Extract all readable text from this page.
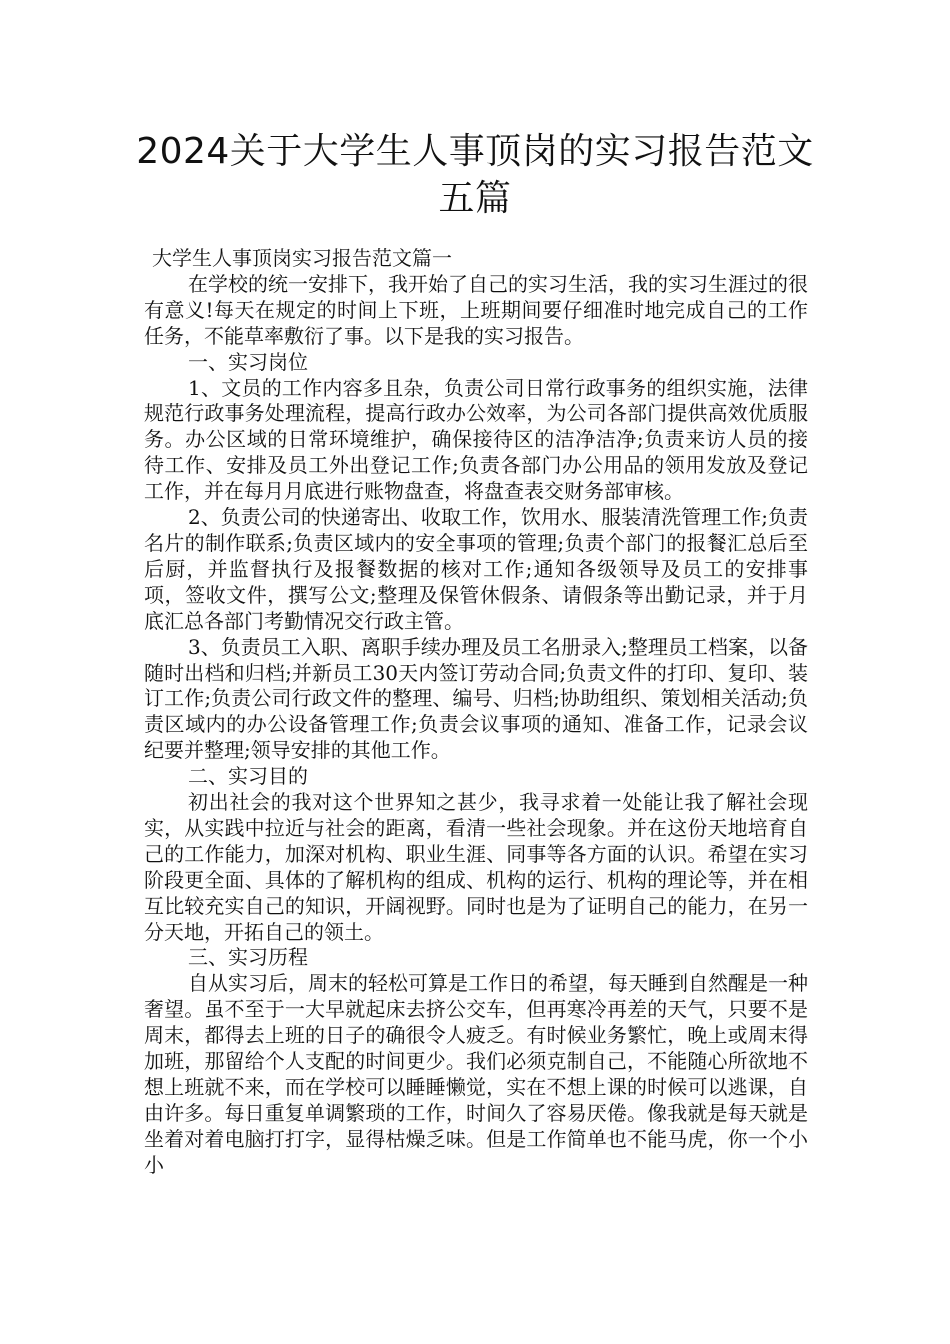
2024关于大学生人事顶岗的实习报告范文五篇
大学生人事顶岗实习报告范文篇一

在学校的统一安排下，我开始了自己的实习生活，我的实习生涯过的很有意义!每天在规定的时间上下班，上班期间要仔细准时地完成自己的工作任务，不能草率敷衍了事。以下是我的实习报告。

一、实习岗位

1、文员的工作内容多且杂，负责公司日常行政事务的组织实施，法律规范行政事务处理流程，提高行政办公效率，为公司各部门提供高效优质服务。办公区域的日常环境维护，确保接待区的洁净洁净;负责来访人员的接待工作、安排及员工外出登记工作;负责各部门办公用品的领用发放及登记工作，并在每月月底进行账物盘查，将盘查表交财务部审核。

2、负责公司的快递寄出、收取工作，饮用水、服装清洗管理工作;负责名片的制作联系;负责区域内的安全事项的管理;负责个部门的报餐汇总后至后厨，并监督执行及报餐数据的核对工作;通知各级领导及员工的安排事项，签收文件，撰写公文;整理及保管休假条、请假条等出勤记录，并于月底汇总各部门考勤情况交行政主管。

3、负责员工入职、离职手续办理及员工名册录入;整理员工档案，以备随时出档和归档;并新员工30天内签订劳动合同;负责文件的打印、复印、装订工作;负责公司行政文件的整理、编号、归档;协助组织、策划相关活动;负责区域内的办公设备管理工作;负责会议事项的通知、准备工作，记录会议纪要并整理;领导安排的其他工作。

二、实习目的

初出社会的我对这个世界知之甚少，我寻求着一处能让我了解社会现实，从实践中拉近与社会的距离，看清一些社会现象。并在这份天地培育自己的工作能力，加深对机构、职业生涯、同事等各方面的认识。希望在实习阶段更全面、具体的了解机构的组成、机构的运行、机构的理论等，并在相互比较充实自己的知识，开阔视野。同时也是为了证明自己的能力，在另一分天地，开拓自己的领土。

三、实习历程

自从实习后，周末的轻松可算是工作日的希望，每天睡到自然醒是一种奢望。虽不至于一大早就起床去挤公交车，但再寒冷再差的天气，只要不是周末，都得去上班的日子的确很令人疲乏。有时候业务繁忙，晚上或周末得加班，那留给个人支配的时间更少。我们必须克制自己，不能随心所欲地不想上班就不来，而在学校可以睡睡懒觉，实在不想上课的时候可以逃课，自由许多。每日重复单调繁琐的工作，时间久了容易厌倦。像我就是每天就是坐着对着电脑打打字，显得枯燥乏味。但是工作简单也不能马虎，你一个小小
